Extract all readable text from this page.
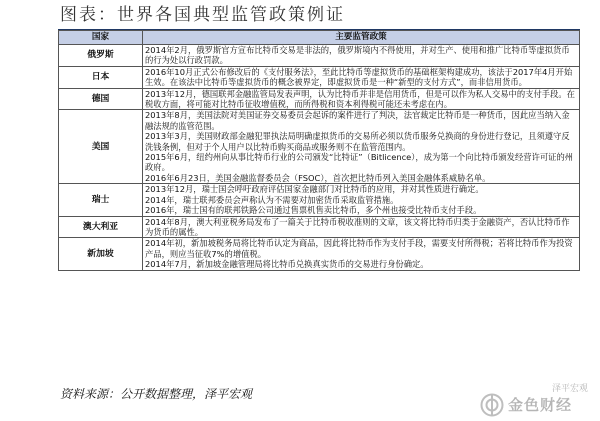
图表：世界各国典型监管政策例证
国家	主要监管政策
俄罗斯	2014年2月，俄罗斯官方宣布比特币交易是非法的，俄罗斯境内不得使用，并对生产、使用和推广比特币等虚拟货币的行为处以行政罚款。

日本	2016年10月正式公布修改后的《支付服务法》，至此比特币等虚拟货币的基础框架构建成功，该法于2017年4月开始生效。在该法中比特币等虚拟货币的概念被界定，即虚拟货币是一种“新型的支付方式”，而非信用货币。

德国	2013年12月，德国联邦金融监管局发表声明，认为比特币并非是信用货币，但是可以作为私人交易中的支付手段。在税收方面，将可能对比特币征收增值税，而所得税和资本利得税可能还未考虑在内。

美国	2013年8月，美国法院对美国证券交易委员会起诉的案件进行了判决，法官裁定比特币是一种货币，因此应当纳入金融法规的监管范围。

2013年3月，美国财政部金融犯罪执法局明确虚拟货币的交易所必须以货币服务兑换商的身份进行登记，且须遵守反洗钱条例，但对于个人用户以比特币购买商品或服务则不在监管范围内。

2015年6月，纽约州向从事比特币行业的公司颁发“比特证”（Bitlicence），成为第一个向比特币颁发经营许可证的州政府。

2016年6月23日，美国金融监督委员会（FSOC），首次把比特币列入美国金融体系威胁名单。

瑞士	2013年12月，瑞士国会呼吁政府评估国家金融部门对比特币的应用，并对其性质进行确定。

2014年，瑞士联邦委员会声称认为不需要对加密货币采取监管措施。

2016年，瑞士国有的联邦铁路公司通过售票机售卖比特币，多个州也接受比特币支付手段。

澳大利亚	2014年8月，澳大利亚税务局发布了一篇关于比特币税收准则的文章，该文将比特币归类于金融资产，否认比特币作为货币的属性。

新加坡	2014年初，新加坡税务局将比特币认定为商品，因此将比特币作为支付手段，需要支付所得税；若将比特币作为投资产品，则应当征收7%的增值税。

2014年7月，新加坡金融管理局将比特币兑换真实货币的交易进行身份确定。

资料来源：公开数据整理，泽平宏观	泽平宏观
金色财经
